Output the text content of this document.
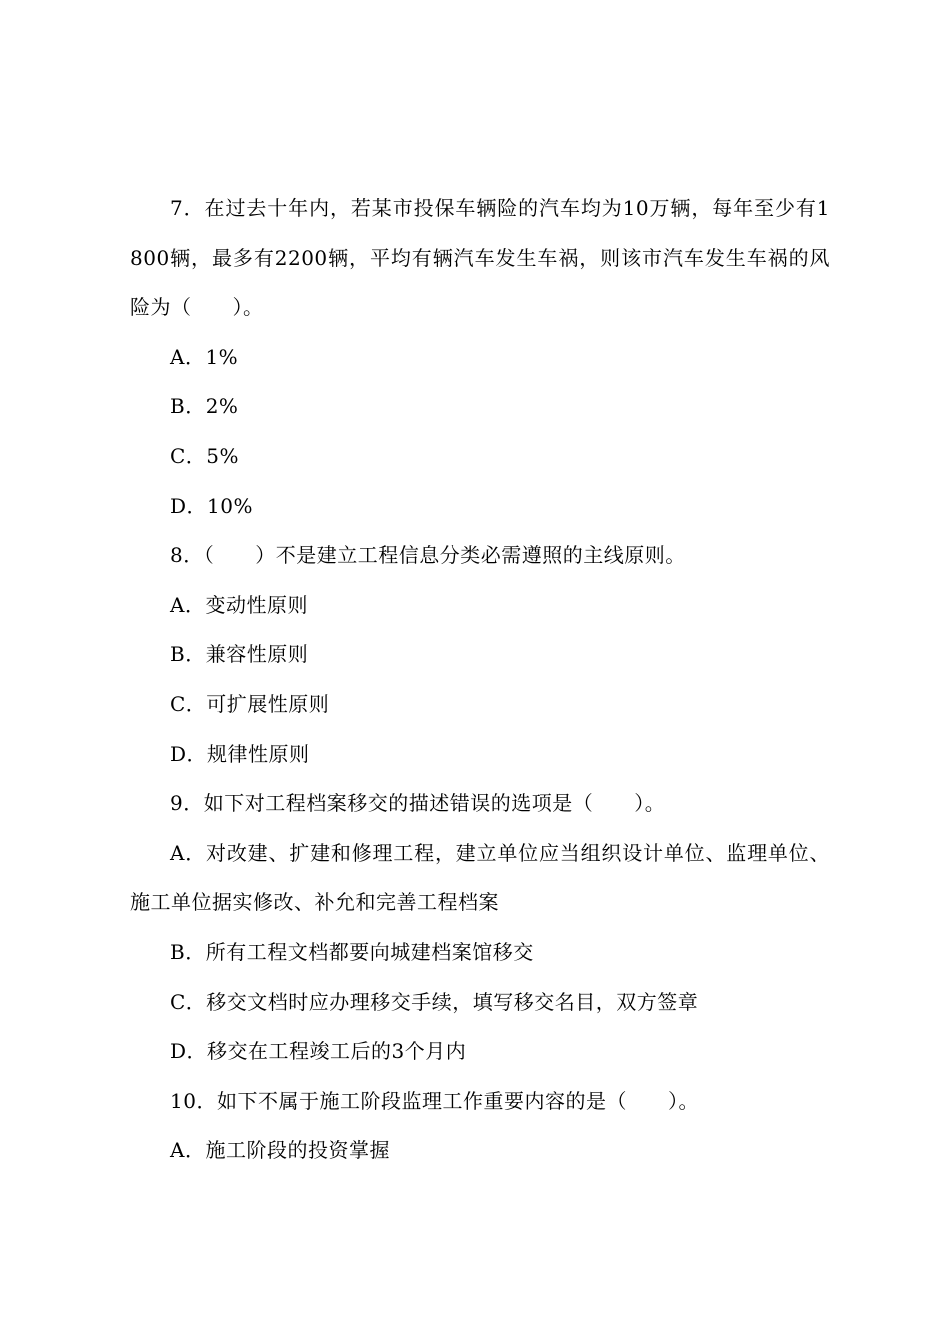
7．在过去十年内，若某市投保车辆险的汽车均为10万辆，每年至少有1800辆，最多有2200辆，平均有辆汽车发生车祸，则该市汽车发生车祸的风险为（　　）。

A．1%

B．2%

C．5%

D．10%

8．（　　）不是建立工程信息分类必需遵照的主线原则。

A．变动性原则

B．兼容性原则

C．可扩展性原则

D．规律性原则

9．如下对工程档案移交的描述错误的选项是（　　）。

A．对改建、扩建和修理工程，建立单位应当组织设计单位、监理单位、施工单位据实修改、补允和完善工程档案

B．所有工程文档都要向城建档案馆移交

C．移交文档时应办理移交手续，填写移交名目，双方签章

D．移交在工程竣工后的3个月内

10．如下不属于施工阶段监理工作重要内容的是（　　）。

A．施工阶段的投资掌握
